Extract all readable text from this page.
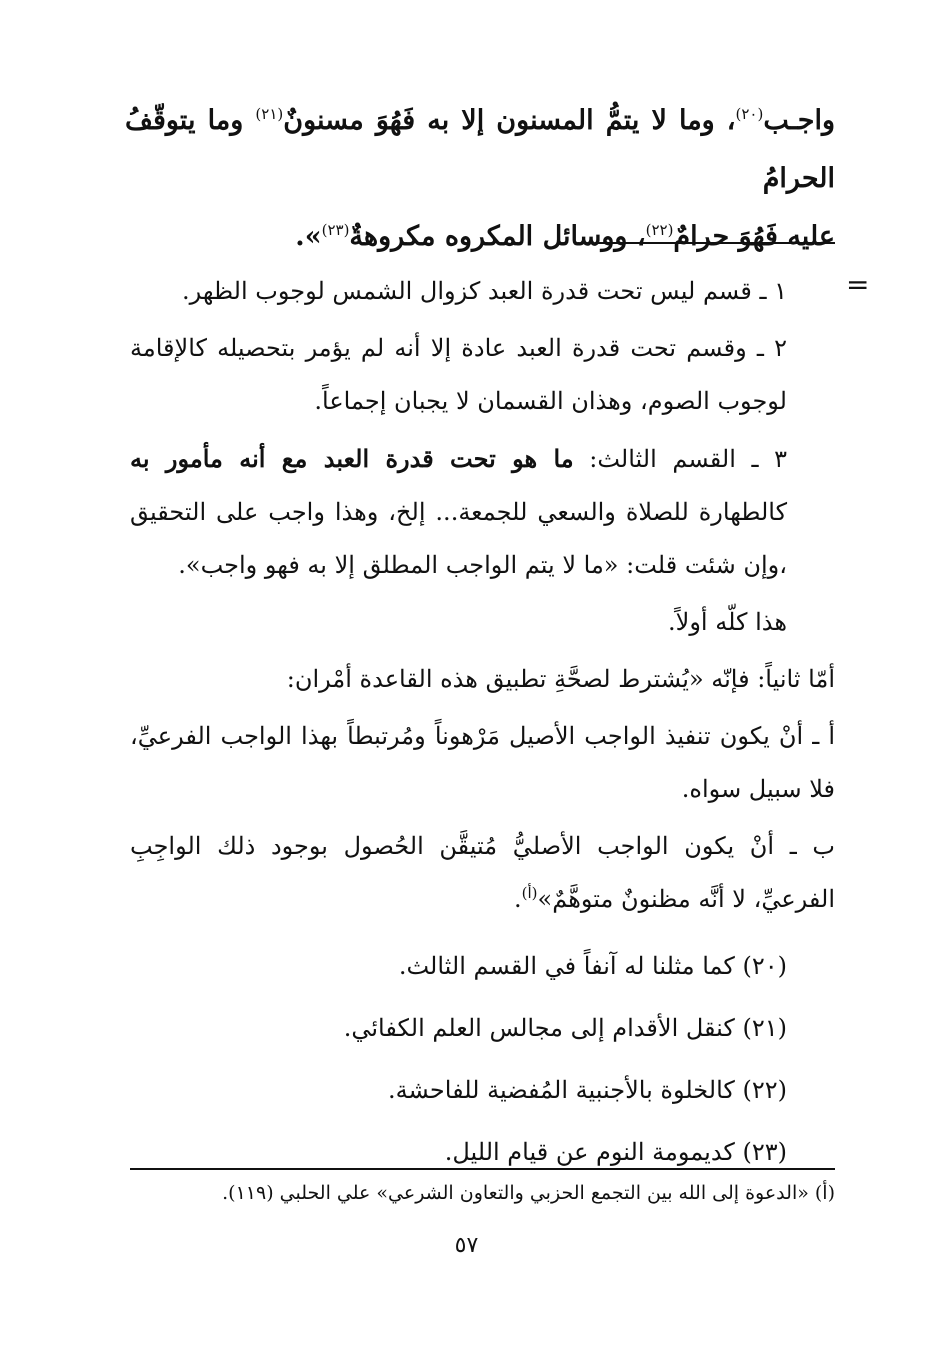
واجـب$^{(٢٠)}$، وما لا يتمُّ المسنون إلا به فَهُوَ مسنونٌ$^{(٢١)}$ وما يتوقّفُ الحرامُ

عليه فَهُوَ حرامٌ$^{(٢٢)}$، ووسائل المكروه مكروهةٌ$^{(٢٣)}$».

=

١ ـ قسم ليس تحت قدرة العبد كزوال الشمس لوجوب الظهر.

٢ ـ وقسم تحت قدرة العبد عادة إلا أنه لم يؤمر بتحصيله كالإقامة لوجوب الصوم، وهذان القسمان لا يجبان إجماعاً.

٣ ـ القسم الثالث: ما هو تحت قدرة العبد مع أنه مأمور به كالطهارة للصلاة والسعي للجمعة... إلخ، وهذا واجب على التحقيق ،وإن شئت قلت: «ما لا يتم الواجب المطلق إلا به فهو واجب».

هذا كلّه أولاً.

أمّا ثانياً: فإنّه «يُشترط لصحَّةِ تطبيق هذه القاعدة أمْران:

أ ـ أنْ يكون تنفيذ الواجب الأصيل مَرْهوناً ومُرتبطاً بهذا الواجب الفرعيِّ، فلا سبيل سواه.

ب ـ أنْ يكون الواجب الأصليُّ مُتيقَّن الحُصول بوجود ذلك الواجِبِ الفرعيِّ، لا أنَّه مظنونٌ متوهَّمٌ»$^{(أ)}$.

(٢٠) كما مثلنا له آنفاً في القسم الثالث.

(٢١) كنقل الأقدام إلى مجالس العلم الكفائي.

(٢٢) كالخلوة بالأجنبية المُفضية للفاحشة.

(٢٣) كديمومة النوم عن قيام الليل.

(أ) «الدعوة إلى الله بين التجمع الحزبي والتعاون الشرعي» علي الحلبي (١١٩).
٥٧
